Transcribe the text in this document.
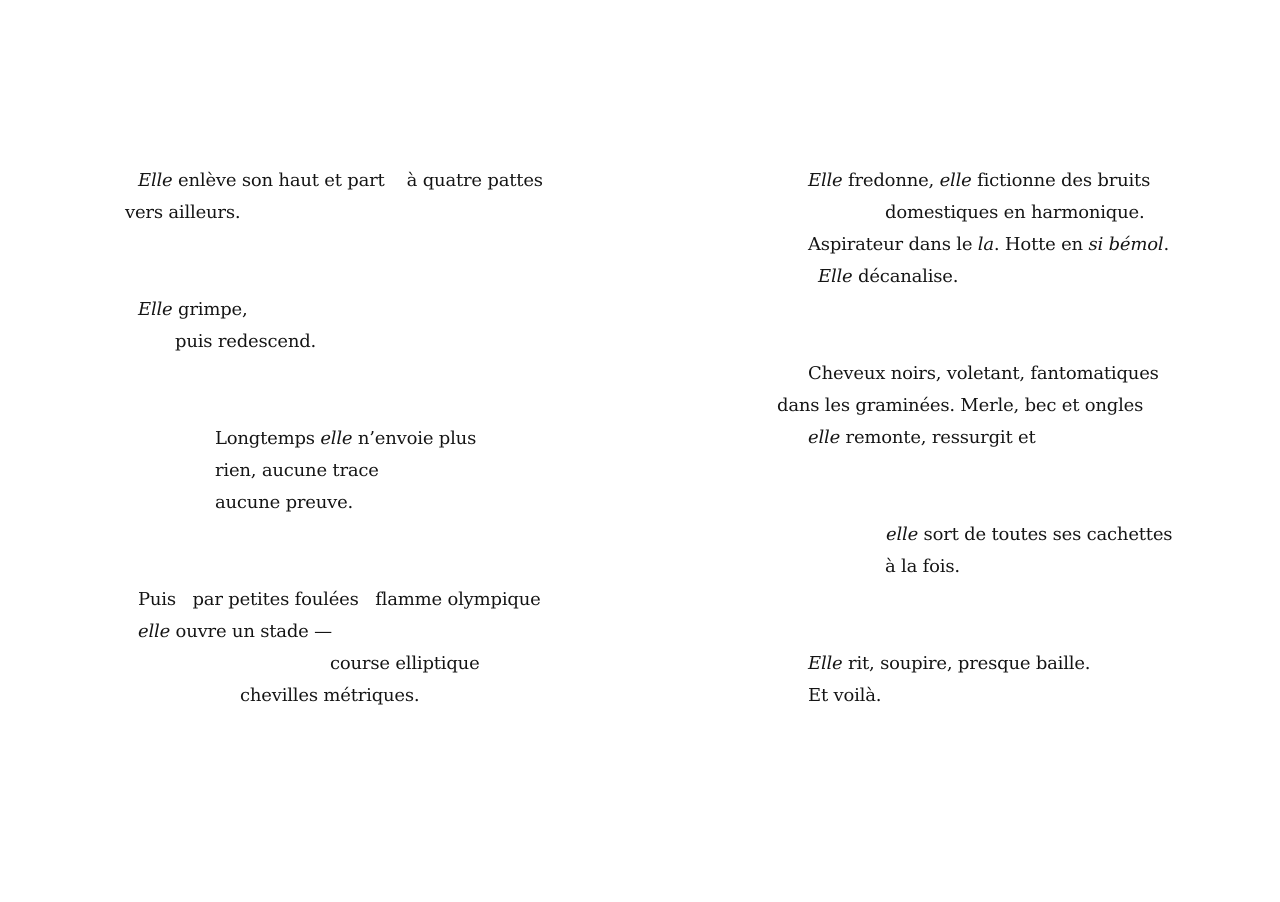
Elle enlève son haut et part    à quatre pattes
vers ailleurs.
Elle grimpe,
puis redescend.
Longtemps elle n’envoie plus
rien, aucune trace
aucune preuve.
Puis   par petites foulées   flamme olympique
elle ouvre un stade —
course elliptique
chevilles métriques.
Elle fredonne, elle fictionne des bruits
domestiques en harmonique.
Aspirateur dans le la. Hotte en si bémol.
Elle décanalise.
Cheveux noirs, voletant, fantomatiques
dans les graminées. Merle, bec et ongles
elle remonte, ressurgit et
elle sort de toutes ses cachettes
à la fois.
Elle rit, soupire, presque baille.
Et voilà.
